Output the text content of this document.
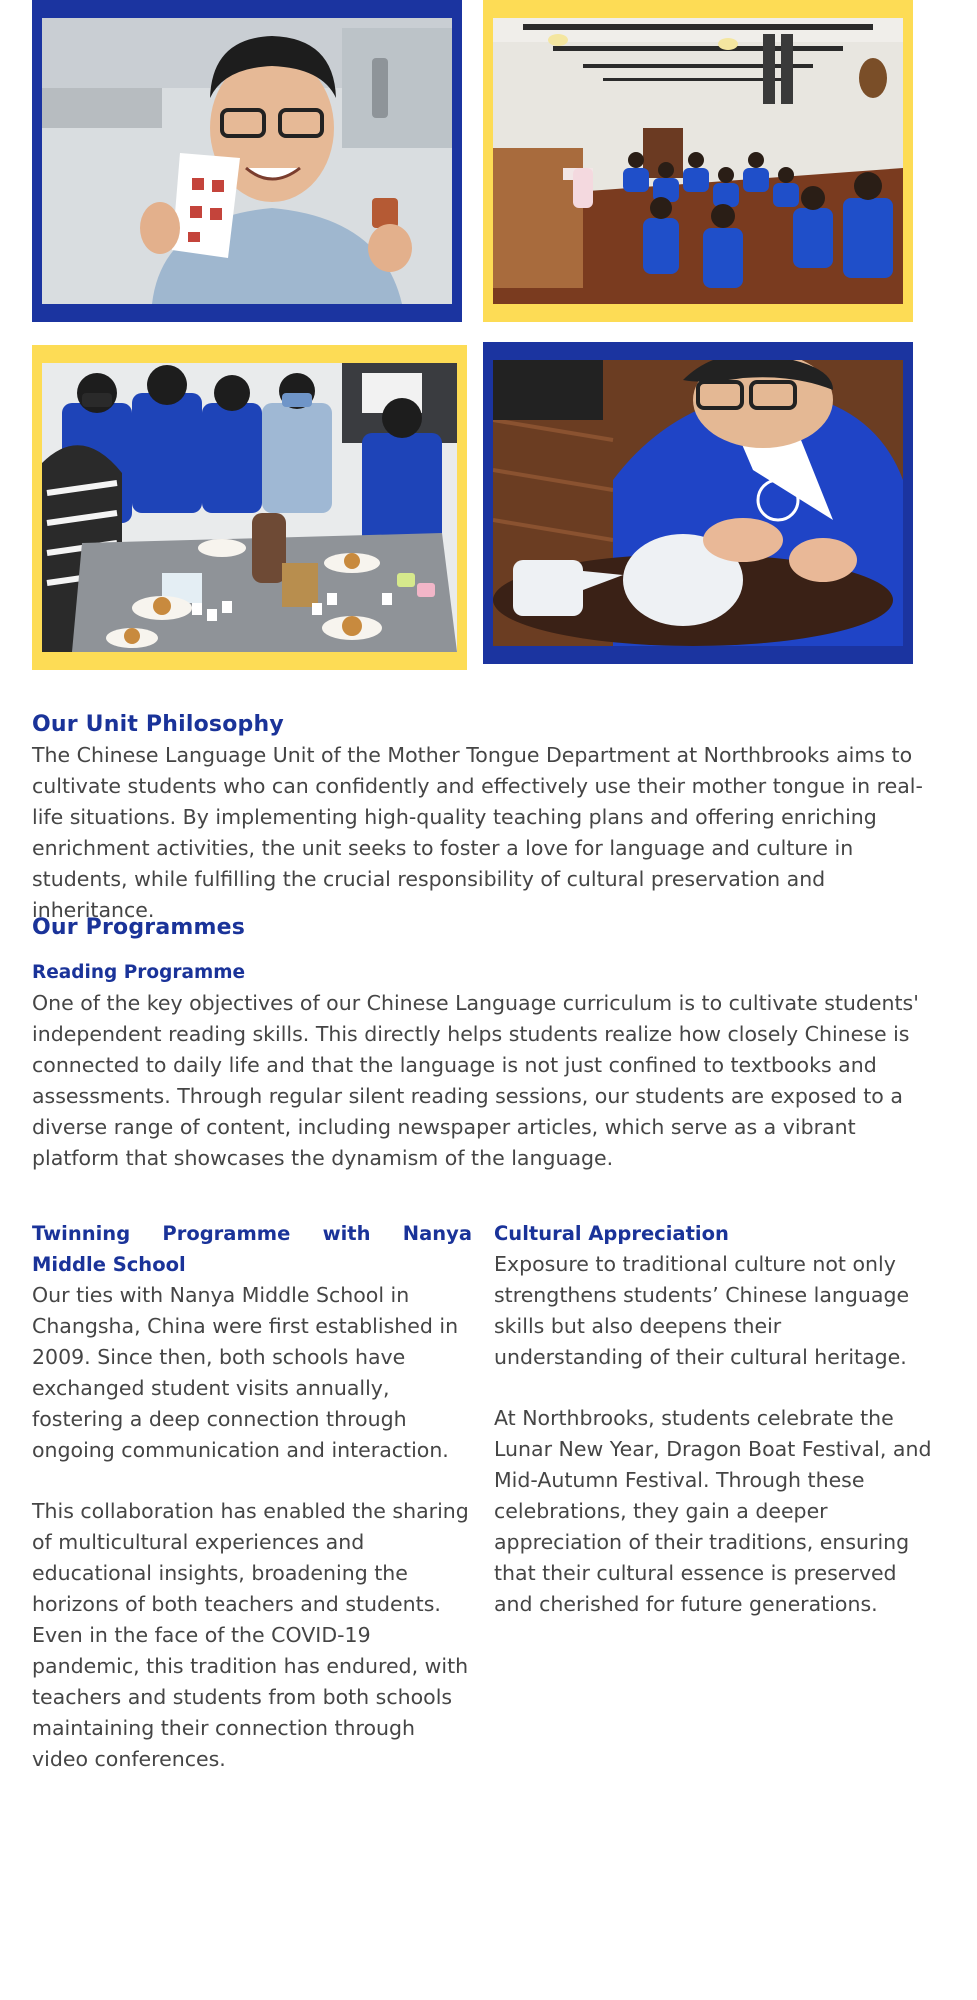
Our Unit Philosophy

The Chinese Language Unit of the Mother Tongue Department at Northbrooks aims to cultivate students who can confidently and effectively use their mother tongue in real-life situations. By implementing high-quality teaching plans and offering enriching enrichment activities, the unit seeks to foster a love for language and culture in students, while fulfilling the crucial responsibility of cultural preservation and inheritance.

Our Programmes
Reading Programme

One of the key objectives of our Chinese Language curriculum is to cultivate students' independent reading skills. This directly helps students realize how closely Chinese is connected to daily life and that the language is not just confined to textbooks and assessments. Through regular silent reading sessions, our students are exposed to a diverse range of content, including newspaper articles, which serve as a vibrant platform that showcases the dynamism of the language.

Twinning Programme with Nanya Middle School

Our ties with Nanya Middle School in Changsha, China were first established in 2009. Since then, both schools have exchanged student visits annually, fostering a deep connection through ongoing communication and interaction.

This collaboration has enabled the sharing of multicultural experiences and educational insights, broadening the horizons of both teachers and students. Even in the face of the COVID-19 pandemic, this tradition has endured, with teachers and students from both schools maintaining their connection through video conferences.

Cultural Appreciation

Exposure to traditional culture not only strengthens students’ Chinese language skills but also deepens their understanding of their cultural heritage.

At Northbrooks, students celebrate the Lunar New Year, Dragon Boat Festival, and Mid-Autumn Festival. Through these celebrations, they gain a deeper appreciation of their traditions, ensuring that their cultural essence is preserved and cherished for future generations.
